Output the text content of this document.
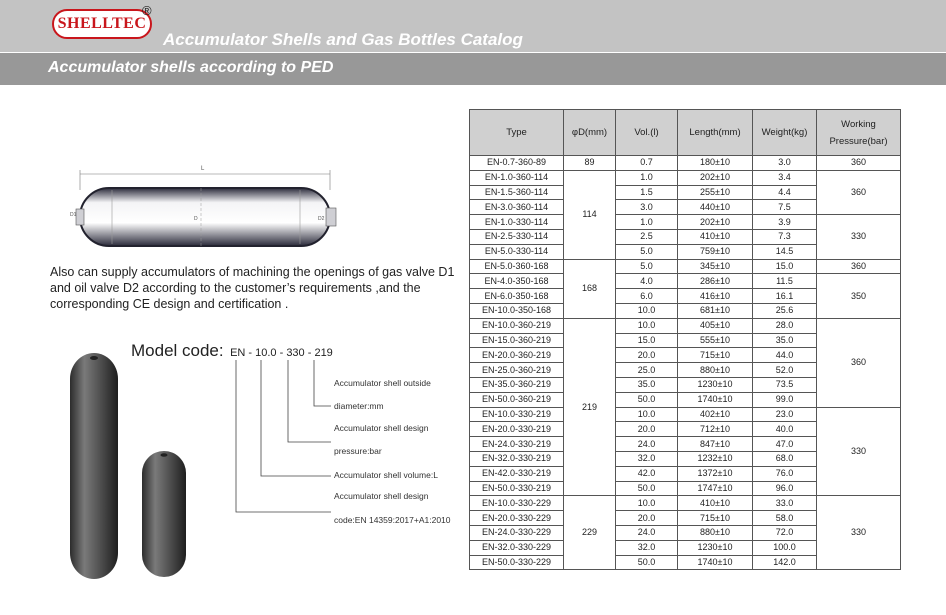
SHELLTEC
®
Accumulator Shells and Gas Bottles Catalog
Accumulator shells according to PED
L
D1
D2
D

Also can supply accumulators of machining the openings of gas valve D1 and oil valve D2 according to the customer’s requirements ,and the corresponding CE design and certification .

Model code: EN - 10.0 - 330 - 219
Accumulator shell outside
diameter:mm
Accumulator shell design
pressure:bar
Accumulator shell volume:L
Accumulator shell design
code:EN 14359:2017+A1:2010
Type	φD(mm)	Vol.(l)	Length(mm)	Weight(kg)	Working Pressure(bar)
EN-0.7-360-89	89	0.7	180±10	3.0	360
EN-1.0-360-114	114	1.0	202±10	3.4	360
EN-1.5-360-114		1.5	255±10	4.4	
EN-3.0-360-114		3.0	440±10	7.5	
EN-1.0-330-114		1.0	202±10	3.9	330
EN-2.5-330-114		2.5	410±10	7.3	
EN-5.0-330-114		5.0	759±10	14.5	
EN-5.0-360-168	168	5.0	345±10	15.0	360
EN-4.0-350-168		4.0	286±10	11.5	350
EN-6.0-350-168		6.0	416±10	16.1	
EN-10.0-350-168		10.0	681±10	25.6	
EN-10.0-360-219	219	10.0	405±10	28.0	360
EN-15.0-360-219		15.0	555±10	35.0	
EN-20.0-360-219		20.0	715±10	44.0	
EN-25.0-360-219		25.0	880±10	52.0	
EN-35.0-360-219		35.0	1230±10	73.5	
EN-50.0-360-219		50.0	1740±10	99.0	
EN-10.0-330-219		10.0	402±10	23.0	330
EN-20.0-330-219		20.0	712±10	40.0	
EN-24.0-330-219		24.0	847±10	47.0	
EN-32.0-330-219		32.0	1232±10	68.0	
EN-42.0-330-219		42.0	1372±10	76.0	
EN-50.0-330-219		50.0	1747±10	96.0	
EN-10.0-330-229	229	10.0	410±10	33.0	330
EN-20.0-330-229		20.0	715±10	58.0	
EN-24.0-330-229		24.0	880±10	72.0	
EN-32.0-330-229		32.0	1230±10	100.0	
EN-50.0-330-229		50.0	1740±10	142.0	
